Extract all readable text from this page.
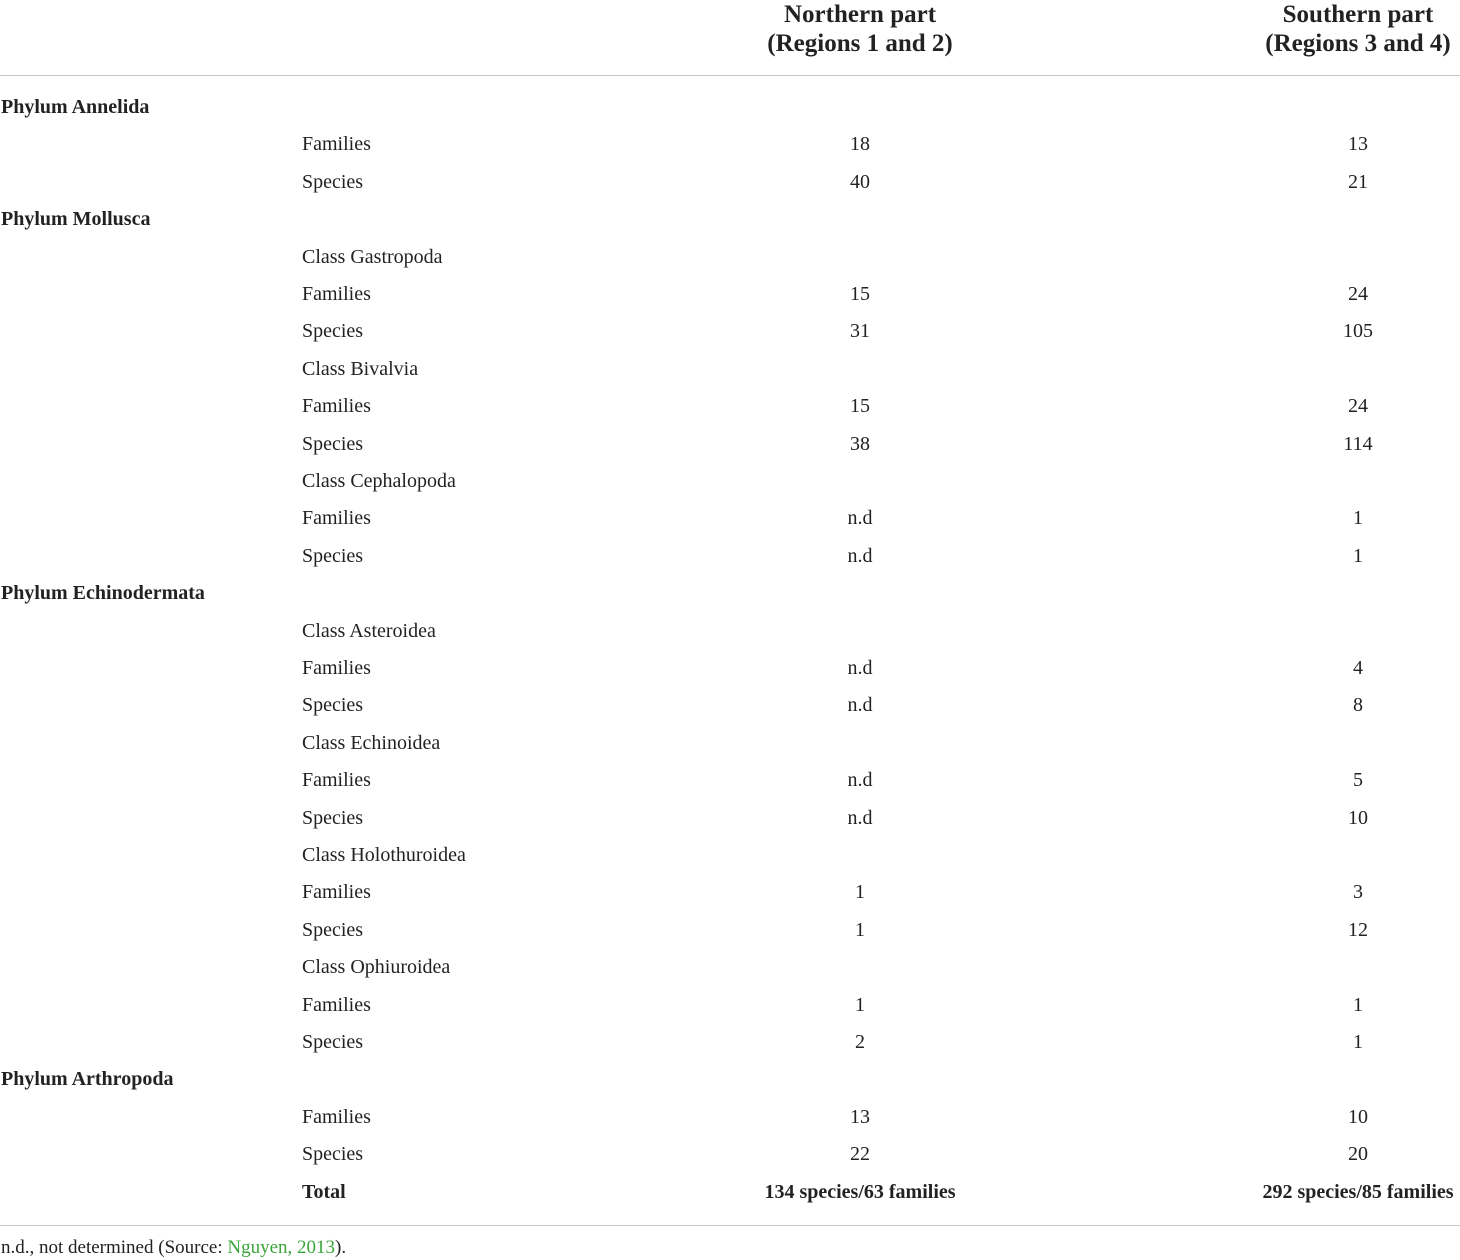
Northern part
(Regions 1 and 2)
Southern part
(Regions 3 and 4)
Phylum Annelida
Families	18	13
Species	40	21
Phylum Mollusca
Class Gastropoda
Families	15	24
Species	31	105
Class Bivalvia
Families	15	24
Species	38	114
Class Cephalopoda
Families	n.d	1
Species	n.d	1
Phylum Echinodermata
Class Asteroidea
Families	n.d	4
Species	n.d	8
Class Echinoidea
Families	n.d	5
Species	n.d	10
Class Holothuroidea
Families	1	3
Species	1	12
Class Ophiuroidea
Families	1	1
Species	2	1
Phylum Arthropoda
Families	13	10
Species	22	20
Total	134 species/63 families	292 species/85 families
n.d., not determined (Source: Nguyen, 2013).
